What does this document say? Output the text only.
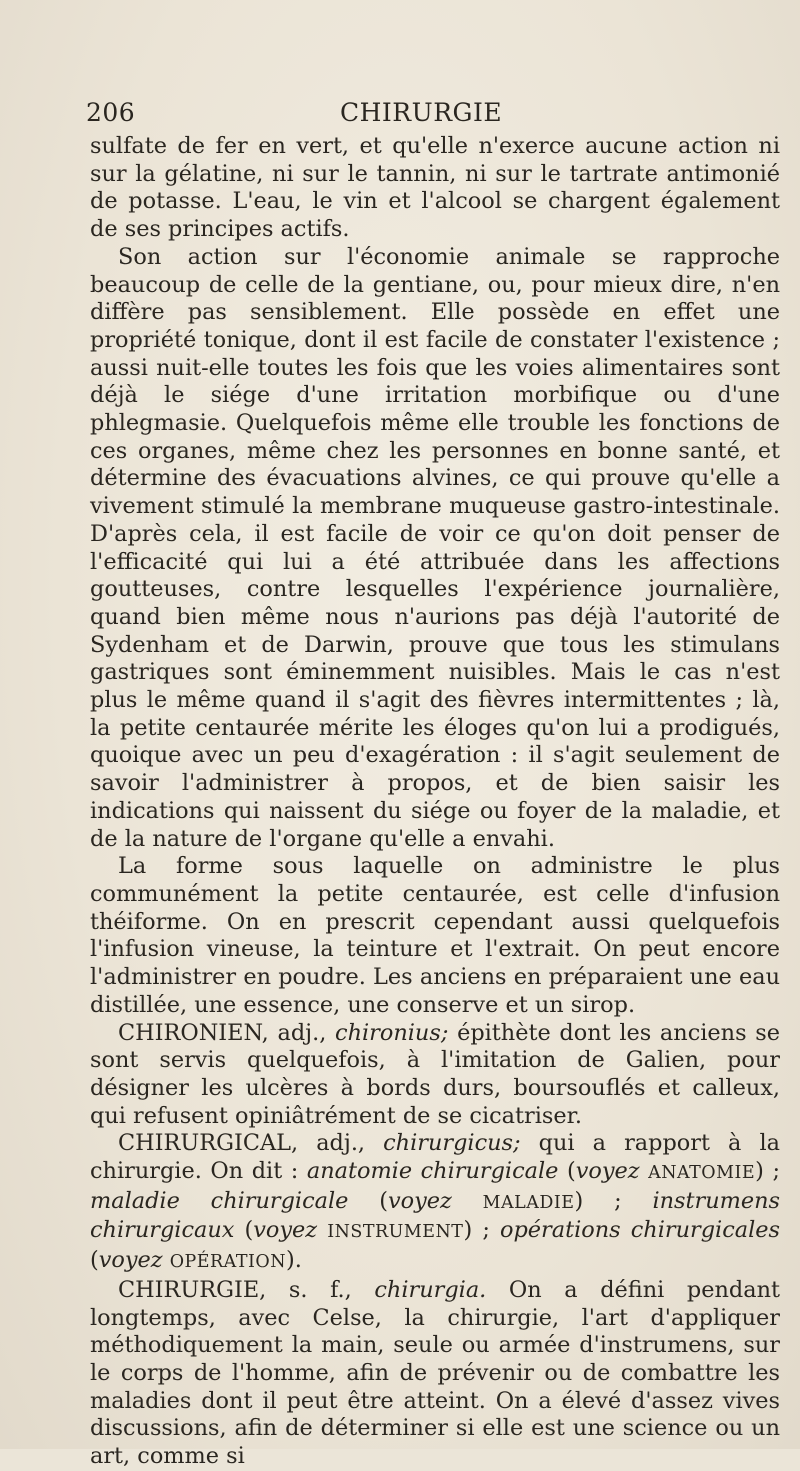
206	CHIRURGIE

sulfate de fer en vert, et qu'elle n'exerce aucune action ni sur la gélatine, ni sur le tannin, ni sur le tartrate antimonié de potasse. L'eau, le vin et l'alcool se chargent également de ses principes actifs.

Son action sur l'économie animale se rapproche beaucoup de celle de la gentiane, ou, pour mieux dire, n'en diffère pas sensiblement. Elle possède en effet une propriété tonique, dont il est facile de constater l'existence ; aussi nuit-elle toutes les fois que les voies alimentaires sont déjà le siége d'une irritation morbifique ou d'une phlegmasie. Quelquefois même elle trouble les fonctions de ces organes, même chez les personnes en bonne santé, et détermine des évacuations alvines, ce qui prouve qu'elle a vivement stimulé la membrane muqueuse gastro-intestinale. D'après cela, il est facile de voir ce qu'on doit penser de l'efficacité qui lui a été attribuée dans les affections goutteuses, contre lesquelles l'expérience journalière, quand bien même nous n'aurions pas déjà l'autorité de Sydenham et de Darwin, prouve que tous les stimulans gastriques sont éminemment nuisibles. Mais le cas n'est plus le même quand il s'agit des fièvres intermittentes ; là, la petite centaurée mérite les éloges qu'on lui a prodigués, quoique avec un peu d'exagération : il s'agit seulement de savoir l'administrer à propos, et de bien saisir les indications qui naissent du siége ou foyer de la maladie, et de la nature de l'organe qu'elle a envahi.

La forme sous laquelle on administre le plus communément la petite centaurée, est celle d'infusion théiforme. On en prescrit cependant aussi quelquefois l'infusion vineuse, la teinture et l'extrait. On peut encore l'administrer en poudre. Les anciens en préparaient une eau distillée, une essence, une conserve et un sirop.

CHIRONIEN, adj., chironius; épithète dont les anciens se sont servis quelquefois, à l'imitation de Galien, pour désigner les ulcères à bords durs, boursouflés et calleux, qui refusent opiniâtrément de se cicatriser.

CHIRURGICAL, adj., chirurgicus; qui a rapport à la chirurgie. On dit : anatomie chirurgicale (voyez ANATOMIE) ; maladie chirurgicale (voyez MALADIE) ; instrumens chirurgicaux (voyez INSTRUMENT) ; opérations chirurgicales (voyez OPÉRATION).

CHIRURGIE, s. f., chirurgia. On a défini pendant longtemps, avec Celse, la chirurgie, l'art d'appliquer méthodiquement la main, seule ou armée d'instrumens, sur le corps de l'homme, afin de prévenir ou de combattre les maladies dont il peut être atteint. On a élevé d'assez vives discussions, afin de déterminer si elle est une science ou un art, comme si
